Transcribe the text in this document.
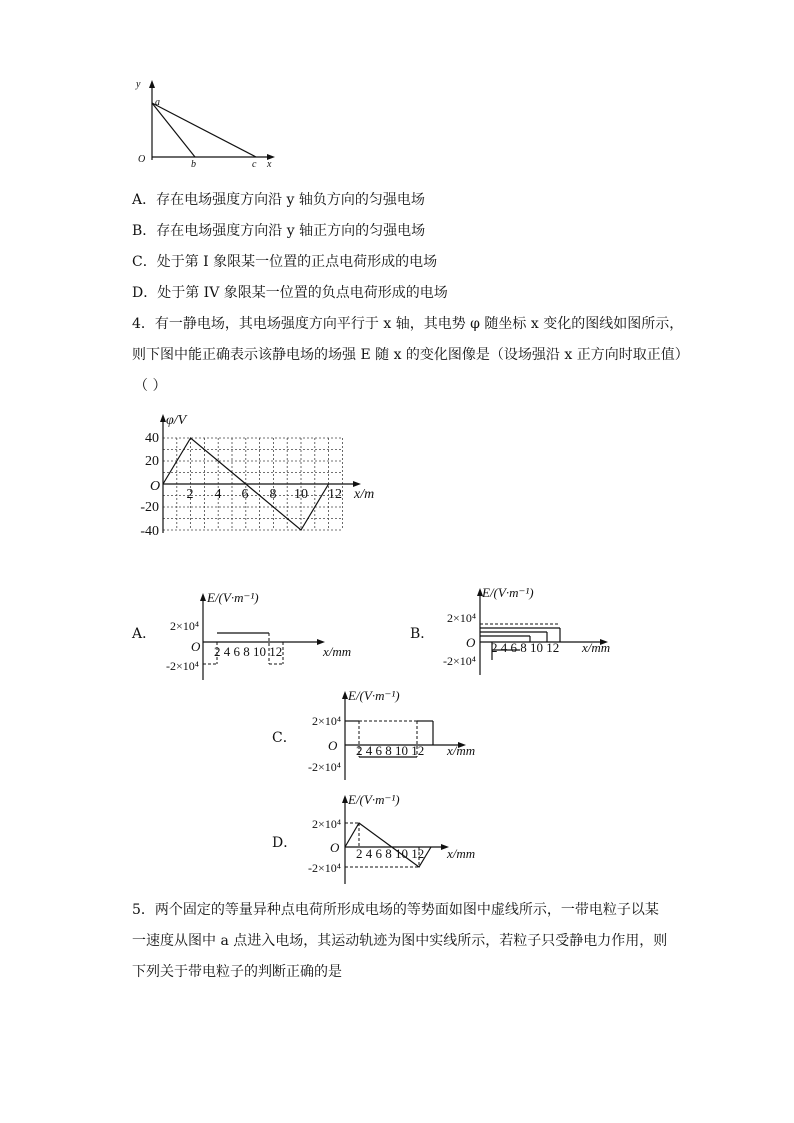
y
a
O	b	c x
A．存在电场强度方向沿 y 轴负方向的匀强电场
B．存在电场强度方向沿 y 轴正方向的匀强电场
C．处于第 I 象限某一位置的正点电荷形成的电场
D．处于第 IV 象限某一位置的负点电荷形成的电场
4．有一静电场，其电场强度方向平行于 x 轴，其电势 φ 随坐标 x 变化的图线如图所示，
则下图中能正确表示该静电场的场强 E 随 x 的变化图像是（设场强沿 x 正方向时取正值）
（ ）
φ/V
O
x/m
40
20
-20
-40
2 4 6 8 10 12
A．
E/(V·m⁻¹)
2×10⁴
-2×10⁴
O 2 4 6 8 10 12	x/mm
B．
E/(V·m⁻¹)
2×10⁴
-2×10⁴
O 2 4 6 8 10 12 x/mm
C．
E/(V·m⁻¹)
2×10⁴
-2×10⁴
O 2 4 6 8 10 12 x/mm
D．
E/(V·m⁻¹)
2×10⁴
-2×10⁴
O 2 4 6 8 10 12 x/mm
5．两个固定的等量异种点电荷所形成电场的等势面如图中虚线所示，一带电粒子以某
一速度从图中 a 点进入电场，其运动轨迹为图中实线所示，若粒子只受静电力作用，则
下列关于带电粒子的判断正确的是
